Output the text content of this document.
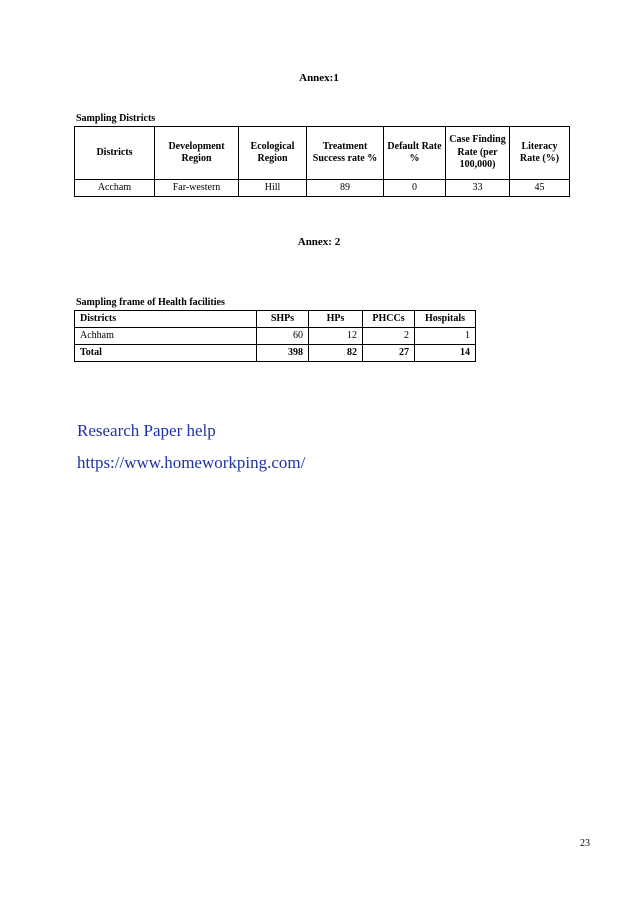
Annex:1
Sampling Districts
Districts	Development Region	Ecological Region	Treatment Success rate %	Default Rate %	Case Finding Rate (per 100,000)	Literacy Rate (%)
Accham	Far-western	Hill	89	0	33	45
Annex: 2
Sampling frame of Health facilities
Districts	SHPs	HPs	PHCCs	Hospitals
Achham	60	12	2	1
Total	398	82	27	14
Research Paper help
https://www.homeworkping.com/
23
